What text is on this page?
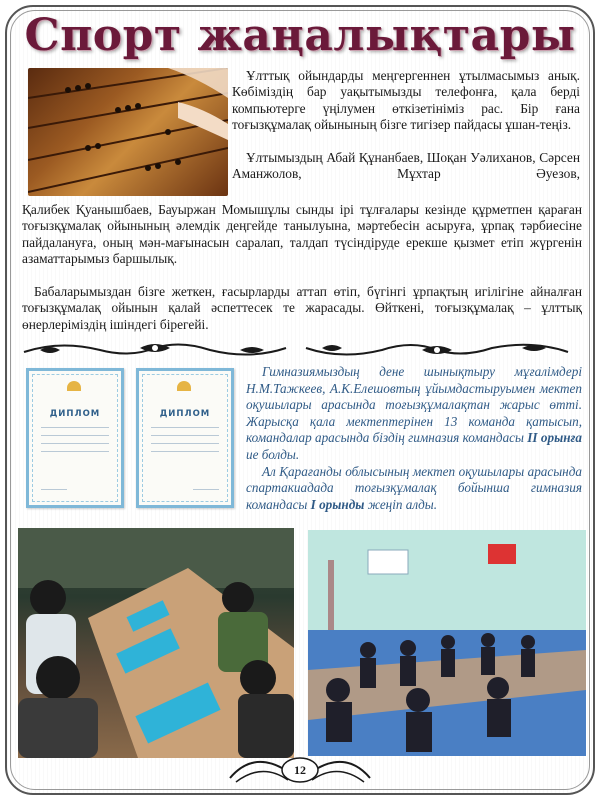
Спорт жаңалықтары

Ұлттық ойындарды меңгергеннен ұтылмасымыз анық. Көбіміздің бар уақытымызды телефонға, қала берді компьютерге үңілумен өткізетініміз рас. Бір ғана тоғызқұмалақ ойынының бізге тигізер пайдасы ұшан-теңіз.

Ұлтымыздың Абай Құнанбаев, Шоқан Уәлиханов, Сәрсен Аманжолов, Мұхтар Әуезов,

Қалибек Қуанышбаев, Бауыржан Момышұлы сынды ірі тұлғалары кезінде құрметпен қараған тоғызқұмалақ ойынының әлемдік деңгейде танылуына, мәртебесін асыруға, ұрпақ тәрбиесіне пайдалануға, оның мән-мағынасын саралап, талдап түсіндіруде ерекше қызмет етіп жүргенін азаматтарымыз баршылық.

Бабаларымыздан бізге жеткен, ғасырларды аттап өтіп, бүгінгі ұрпақтың игілігіне айналған тоғызқұмалақ ойынын қалай әспеттесек те жарасады. Өйткені, тоғызқұмалақ – ұлттық өнерлеріміздің ішіндегі бірегейі.

ДИПЛОМ	ДИПЛОМ

Гимназиямыздың дене шынықтыру мұғалімдері Н.М.Тажкеев, А.К.Елешовтың ұйымдастыруымен мектеп оқушылары арасында тоғызқұмалақтан жарыс өтті. Жарысқа қала мектептерінен 13 команда қатысып, командалар арасында біздің гимназия командасы ІІ орынға ие болды.

Ал Қарағанды облысының мектеп оқушылары арасында спартакиадада тоғызқұмалақ бойынша гимназия командасы І орынды жеңіп алды.

12
